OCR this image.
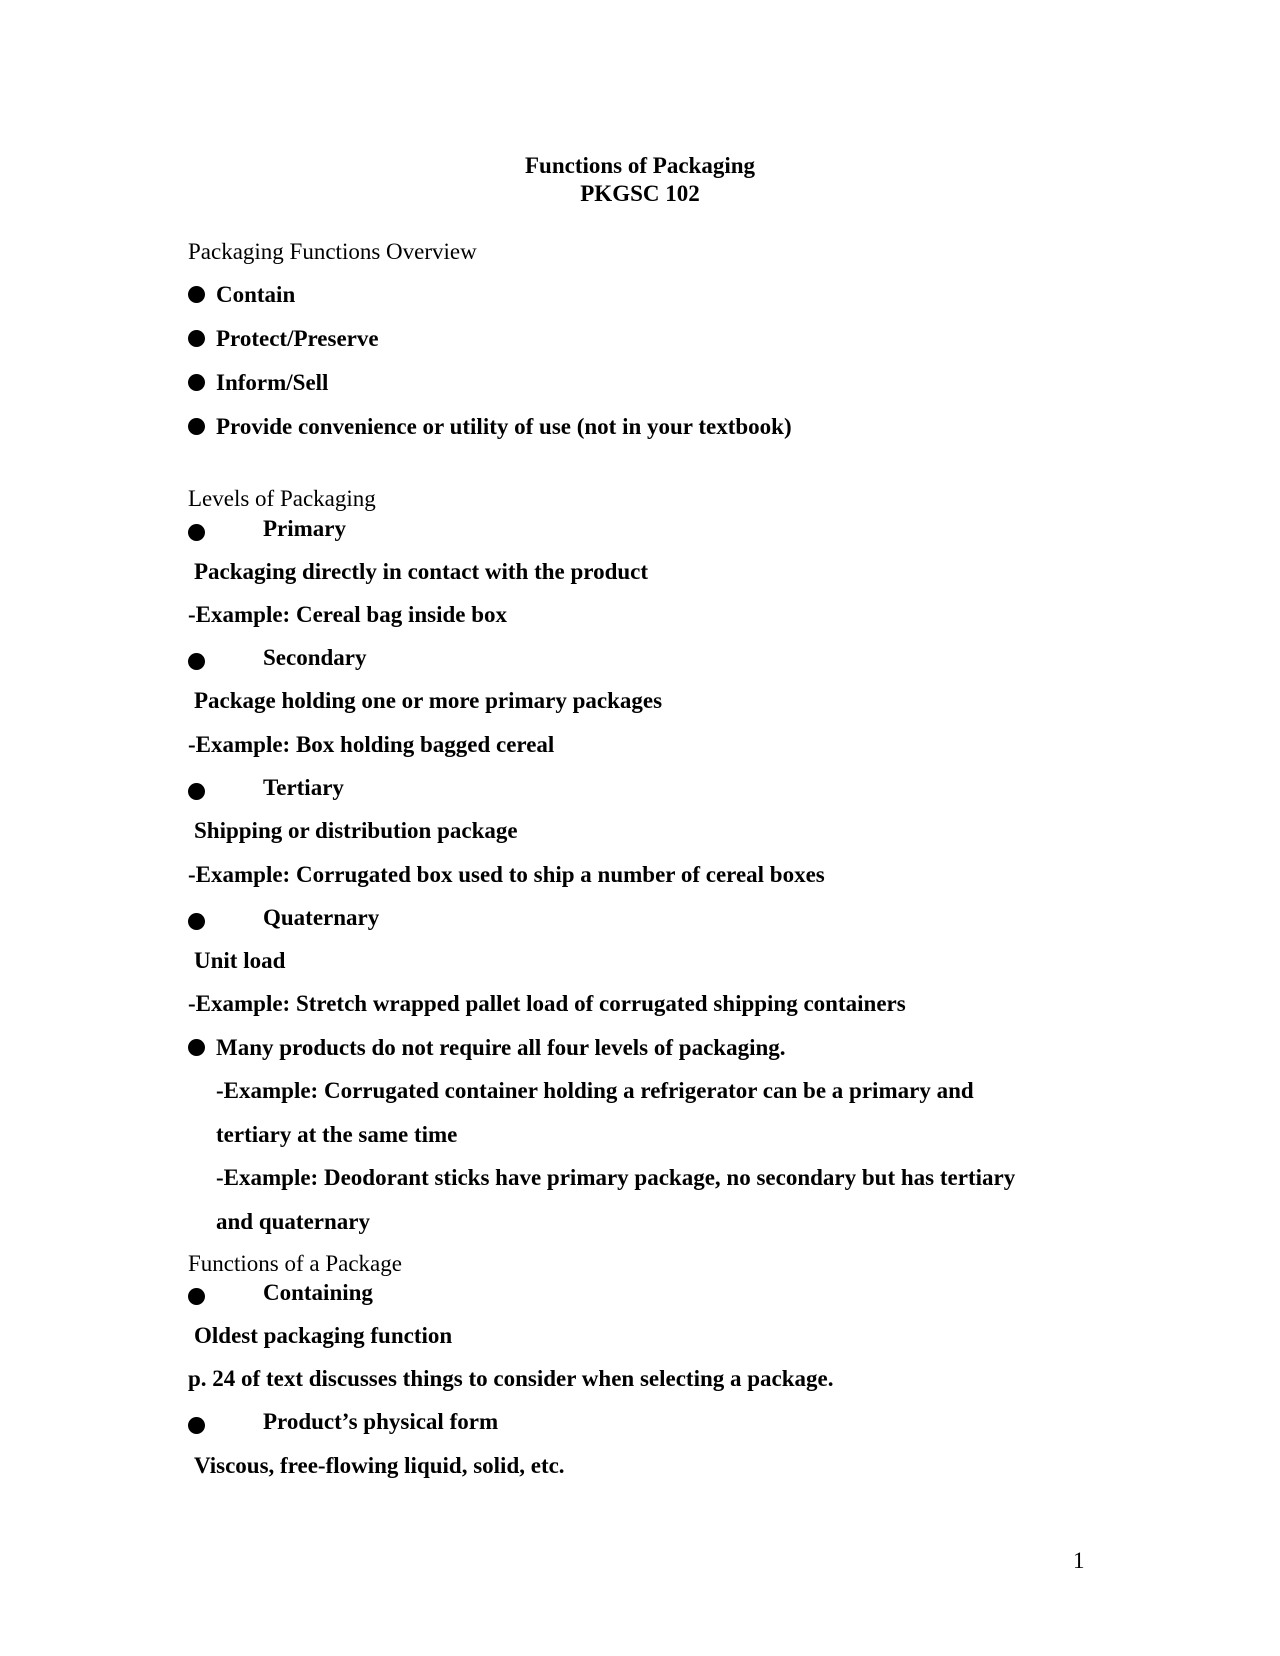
Functions of Packaging
PKGSC 102
Packaging Functions Overview
Contain
Protect/Preserve
Inform/Sell
Provide convenience or utility of use (not in your textbook)
Levels of Packaging
Primary
Packaging directly in contact with the product
-Example: Cereal bag inside box
Secondary
Package holding one or more primary packages
-Example: Box holding bagged cereal
Tertiary
Shipping or distribution package
-Example: Corrugated box used to ship a number of cereal boxes
Quaternary
Unit load
-Example: Stretch wrapped pallet load of corrugated shipping containers
Many products do not require all four levels of packaging.
-Example: Corrugated container holding a refrigerator can be a primary and
tertiary at the same time
-Example: Deodorant sticks have primary package, no secondary but has tertiary
and quaternary
Functions of a Package
Containing
Oldest packaging function
p. 24 of text discusses things to consider when selecting a package.
Product’s physical form
Viscous, free-flowing liquid, solid, etc.
1
